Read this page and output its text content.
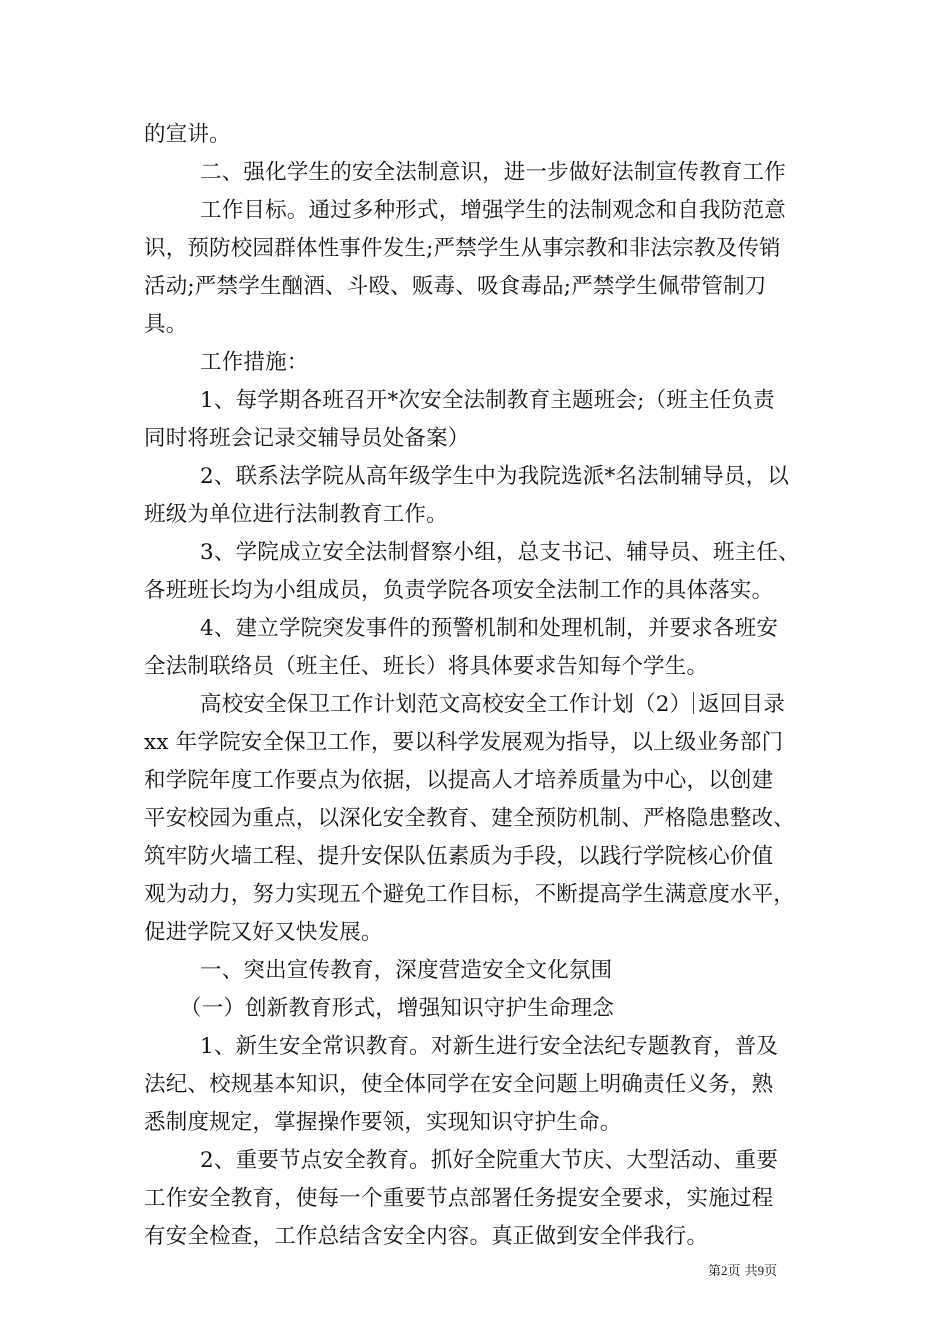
的宣讲。
二、强化学生的安全法制意识，进一步做好法制宣传教育工作
工作目标。通过多种形式，增强学生的法制观念和自我防范意
识，预防校园群体性事件发生;严禁学生从事宗教和非法宗教及传销
活动;严禁学生酗酒、斗殴、贩毒、吸食毒品;严禁学生佩带管制刀
具。
工作措施：
1、每学期各班召开*次安全法制教育主题班会;（班主任负责
同时将班会记录交辅导员处备案）
2、联系法学院从高年级学生中为我院选派*名法制辅导员，以
班级为单位进行法制教育工作。
3、学院成立安全法制督察小组，总支书记、辅导员、班主任、
各班班长均为小组成员，负责学院各项安全法制工作的具体落实。
4、建立学院突发事件的预警机制和处理机制，并要求各班安
全法制联络员（班主任、班长）将具体要求告知每个学生。
高校安全保卫工作计划范文高校安全工作计划（2） 返回目录
xx 年学院安全保卫工作，要以科学发展观为指导，以上级业务部门
和学院年度工作要点为依据，以提高人才培养质量为中心，以创建
平安校园为重点，以深化安全教育、建全预防机制、严格隐患整改、
筑牢防火墙工程、提升安保队伍素质为手段，以践行学院核心价值
观为动力，努力实现五个避免工作目标，不断提高学生满意度水平，
促进学院又好又快发展。
一、突出宣传教育，深度营造安全文化氛围
（一）创新教育形式，增强知识守护生命理念
1、新生安全常识教育。对新生进行安全法纪专题教育，普及
法纪、校规基本知识，使全体同学在安全问题上明确责任义务，熟
悉制度规定，掌握操作要领，实现知识守护生命。
2、重要节点安全教育。抓好全院重大节庆、大型活动、重要
工作安全教育，使每一个重要节点部署任务提安全要求，实施过程
有安全检查，工作总结含安全内容。真正做到安全伴我行。
第2页 共9页
